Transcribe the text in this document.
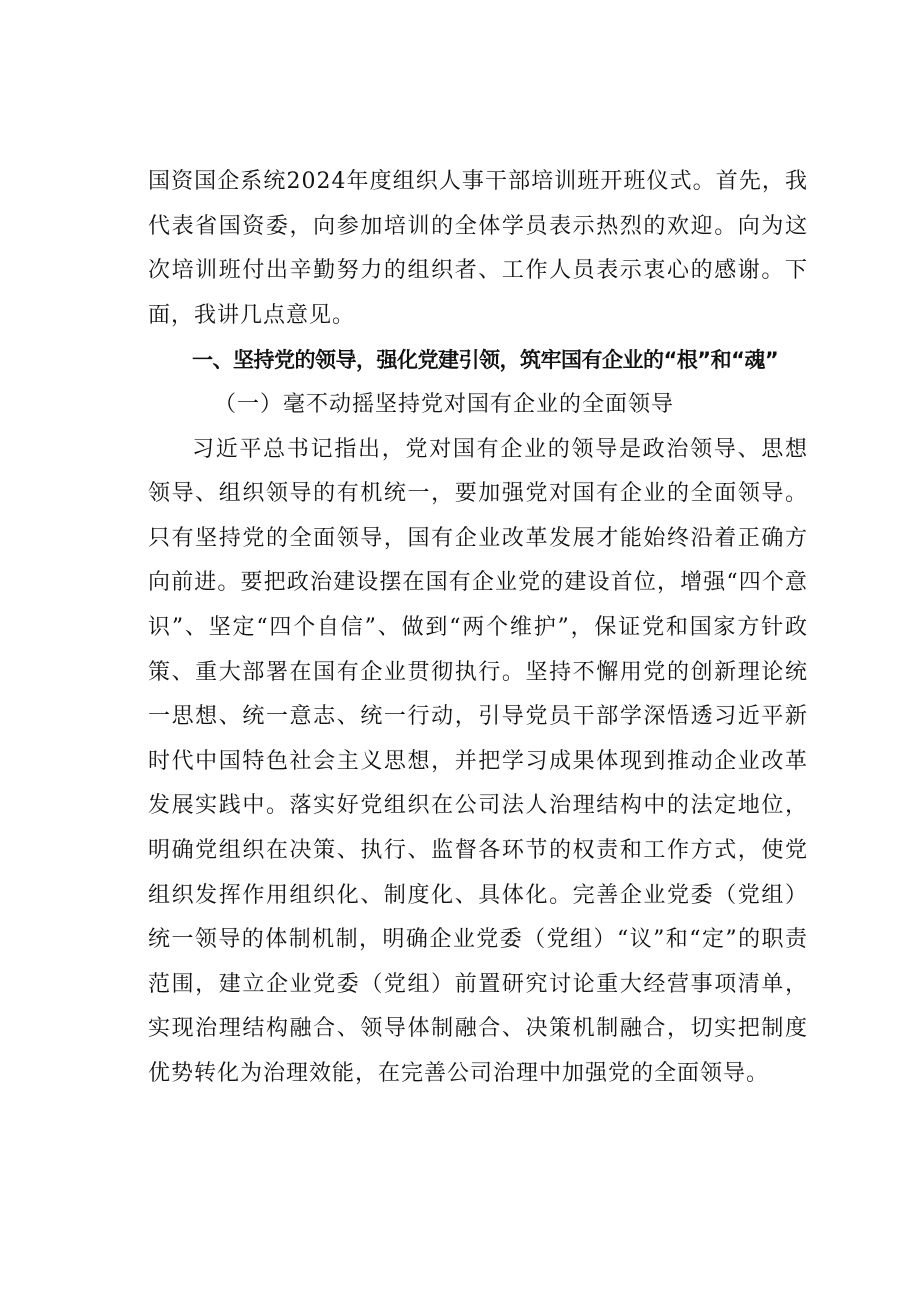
国资国企系统2024年度组织人事干部培训班开班仪式。首先，我代表省国资委，向参加培训的全体学员表示热烈的欢迎。向为这次培训班付出辛勤努力的组织者、工作人员表示衷心的感谢。下面，我讲几点意见。

一、坚持党的领导，强化党建引领，筑牢国有企业的“根”和“魂”

（一）毫不动摇坚持党对国有企业的全面领导

习近平总书记指出，党对国有企业的领导是政治领导、思想领导、组织领导的有机统一，要加强党对国有企业的全面领导。只有坚持党的全面领导，国有企业改革发展才能始终沿着正确方向前进。要把政治建设摆在国有企业党的建设首位，增强“四个意识”、坚定“四个自信”、做到“两个维护”，保证党和国家方针政策、重大部署在国有企业贯彻执行。坚持不懈用党的创新理论统一思想、统一意志、统一行动，引导党员干部学深悟透习近平新时代中国特色社会主义思想，并把学习成果体现到推动企业改革发展实践中。落实好党组织在公司法人治理结构中的法定地位，明确党组织在决策、执行、监督各环节的权责和工作方式，使党组织发挥作用组织化、制度化、具体化。完善企业党委（党组）统一领导的体制机制，明确企业党委（党组）“议”和“定”的职责范围，建立企业党委（党组）前置研究讨论重大经营事项清单，实现治理结构融合、领导体制融合、决策机制融合，切实把制度优势转化为治理效能，在完善公司治理中加强党的全面领导。
